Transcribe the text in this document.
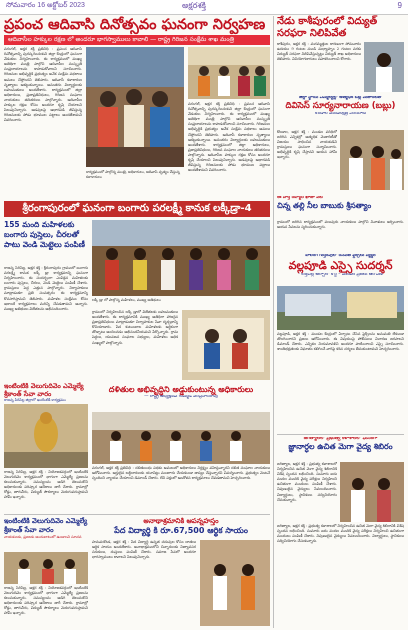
సోమవారం 16 అక్టోబర్ 2023	అక్షరశక్తి	9
ప్రపంచ ఆదివాసి దినోత్సవం ఘనంగా నిర్వహణ
ఆదివాసీల హక్కుల రక్షణ లో అందరూ భాగస్వాములు కావాలి — రాష్ట్ర గిరిజన సంక్షేమ శాఖ మంత్రి
వరంగల్, అక్షర శక్తి ప్రతినిధి : ప్రపంచ ఆదివాసి దినోత్సవాన్ని పురస్కరించుకుని జిల్లా కేంద్రంలో ఘనంగా వేడుకలు నిర్వహించారు. ఈ కార్యక్రమంలో ముఖ్య అతిథిగా మంత్రి పాల్గొని ఆదివాసీల సంస్కృతి సంప్రదాయాలను కాపాడుకోవాలని సూచించారు. గిరిజనుల అభివృద్ధికి ప్రభుత్వం అనేక సంక్షేమ పథకాలు అమలు చేస్తోందని తెలిపారు. ఆదివాసీ కళాకారుల నృత్యాలు ఆకట్టుకున్నాయి. అనంతరం విద్యార్థులకు బహుమతులు అందజేశారు. కార్యక్రమంలో జిల్లా అధికారులు, ప్రజాప్రతినిధులు, గిరిజన సంఘాల నాయకులు తదితరులు పాల్గొన్నారు. ఆదివాసీల హక్కుల రక్షణ కోసం అందరూ కృషి చేయాలని పిలుపునిచ్చారు. అడవులపై ఆధారపడి జీవిస్తున్న గిరిజనులకు పోడు భూముల పట్టాలు అందజేశామని వివరించారు.
వరంగల్, అక్షర శక్తి ప్రతినిధి : ప్రపంచ ఆదివాసి దినోత్సవాన్ని పురస్కరించుకుని జిల్లా కేంద్రంలో ఘనంగా వేడుకలు నిర్వహించారు. ఈ కార్యక్రమంలో ముఖ్య అతిథిగా మంత్రి పాల్గొని ఆదివాసీల సంస్కృతి సంప్రదాయాలను కాపాడుకోవాలని సూచించారు. గిరిజనుల అభివృద్ధికి ప్రభుత్వం అనేక సంక్షేమ పథకాలు అమలు చేస్తోందని తెలిపారు. ఆదివాసీ కళాకారుల నృత్యాలు ఆకట్టుకున్నాయి. అనంతరం విద్యార్థులకు బహుమతులు అందజేశారు. కార్యక్రమంలో జిల్లా అధికారులు, ప్రజాప్రతినిధులు, గిరిజన సంఘాల నాయకులు తదితరులు పాల్గొన్నారు. ఆదివాసీల హక్కుల రక్షణ కోసం అందరూ కృషి చేయాలని పిలుపునిచ్చారు. అడవులపై ఆధారపడి జీవిస్తున్న గిరిజనులకు పోడు భూముల పట్టాలు అందజేశామని వివరించారు.
కార్యక్రమంలో పాల్గొన్న మంత్రి, అధికారులు, ఆదివాసీ నృత్యం చేస్తున్న కళాకారులు
శ్రీరంగాపురంలో ఘనంగా బంగారు పరలక్ష్మీ కానుక లక్కీడ్రా-4
155 మంది మహిళలకు బంగారు పుస్తెలు, చీరలతో పాటు వెండి మెట్టెలు పంపిణీ
రాజన్న సిరిసిల్ల, అక్షర శక్తి : శ్రీరంగాపురం గ్రామంలో బంగారు వరలక్ష్మి కానుక లక్కీ డ్రా కార్యక్రమాన్ని ఘనంగా నిర్వహించారు. ఈ సందర్భంగా ఎంపికైన మహిళలకు బంగారు పుస్తెలు, చీరలు, వెండి మెట్టెలు పంపిణీ చేశారు. గ్రామస్తులు పెద్ద ఎత్తున పాల్గొన్నారు. నిర్వాహకులు మాట్లాడుతూ ప్రతి సంవత్సరం ఈ కార్యక్రమాన్ని కొనసాగిస్తామని తెలిపారు. మహిళల సంక్షేమం కోసం ఇలాంటి కార్యక్రమాలు మరిన్ని చేపడతామని అన్నారు. ముఖ్య అతిథులు విజేతలను అభినందించారు.
లక్కీ డ్రా లో పాల్గొన్న మహిళలు, ముఖ్య అతిథులు
గ్రామంలో నిర్వహించిన లక్కీ డ్రాలో విజేతలకు బహుమతులు అందజేశారు. ఈ కార్యక్రమానికి ముఖ్య అతిథిగా హాజరైన ప్రజాప్రతినిధులు మాట్లాడుతూ నిర్వాహకుల సేవా దృక్పథాన్ని కొనియాడారు. పేద కుటుంబాల మహిళలకు ఆర్థికంగా తోడ్పాటు అందించడం అభినందనీయమని పేర్కొన్నారు. గ్రామ పెద్దలు, యువజన సంఘాల సభ్యులు, మహిళలు అధిక సంఖ్యలో పాల్గొన్నారు.
ఇంటింటికి వెలుగుదివెం ఎమ్మెల్యే శ్రీకాంత్ సేవా వారం
రాజన్న సిరిసిల్ల జిల్లాలో ఇంటింటికి కార్యక్రమం
రాజన్న సిరిసిల్ల, అక్షర శక్తి : నియోజకవర్గంలో ఇంటింటికి వెలుగుదివెం కార్యక్రమంలో భాగంగా ఎమ్మెల్యే ప్రజలను కలుసుకున్నారు. సమస్యలను అడిగి తెలుసుకొని అధికారులకు పరిష్కార ఆదేశాలు జారీ చేశారు. గ్రామాల్లో రోడ్లు, తాగునీరు, విద్యుత్ సౌకర్యాలు మెరుగుపరుస్తామని హామీ ఇచ్చారు.
దళితుల అభివృద్ధిని అడ్డుకుంటున్న అధికారులు
— రాష్ట్ర అధ్యక్షుడు గుమ్మడి వరప్రసాదరావు
వరంగల్, అక్షర శక్తి ప్రతినిధి : దళితబంధు పథకం అమలులో అధికారులు నిర్లక్ష్యం వహిస్తున్నారని దళిత సంఘాల నాయకులు ఆరోపించారు. అర్హులైన లబ్ధిదారులకు యూనిట్లు మంజూరు చేయకుండా జాప్యం చేస్తున్నారని విమర్శించారు. ప్రభుత్వం వెంటనే స్పందించి న్యాయం చేయాలని డిమాండ్ చేశారు. లేని పక్షంలో ఆందోళన కార్యక్రమాలు చేపడతామని హెచ్చరించారు.
ఇంటింటికి వెలుగుదివెం ఎమ్మెల్యే శ్రీకాంత్ సేవా వారం
నాయకులకు, ప్రజలకు అందుబాటులో ఉండాలని సూచన
రాజన్న సిరిసిల్ల, అక్షర శక్తి : నియోజకవర్గంలో ఇంటింటికి వెలుగుదివెం కార్యక్రమంలో భాగంగా ఎమ్మెల్యే ప్రజలను కలుసుకున్నారు. సమస్యలను అడిగి తెలుసుకొని అధికారులకు పరిష్కార ఆదేశాలు జారీ చేశారు. గ్రామాల్లో రోడ్లు, తాగునీరు, విద్యుత్ సౌకర్యాలు మెరుగుపరుస్తామని హామీ ఇచ్చారు.
అనాథాశ్రమానికి ఆపన్నహస్తం
పేద విద్యార్థి కి రూ.67,500 ఆర్థిక సాయం
హనుమకొండ, అక్షర శక్తి : పేద విద్యార్థి ఉన్నత చదువుల కోసం దాతలు ఆర్థిక సాయం అందజేశారు. అనాథాశ్రమంలోని చిన్నారులకు నిత్యావసర సరుకులు, దుస్తులు పంపిణీ చేశారు. సమాజ సేవలో అందరూ భాగస్వాములు కావాలని పిలుపునిచ్చారు.
నేడు కాశీపురంలో విద్యుత్ సరఫరా నిలిపివేత
కాశీపురం, అక్షర శక్తి : మరమ్మత్తుల కారణంగా సోమవారం ఉదయం 9 గంటల నుండి మధ్యాహ్నం 2 గంటల వరకు విద్యుత్ సరఫరా నిలిపివేస్తున్నట్లు విద్యుత్ శాఖ అధికారులు తెలిపారు. వినియోగదారులు సహకరించాలని కోరారు.
జిల్లా స్థాయి ఎమ్మెల్యేల్లో అత్యధిక ఓట్ల మెజారిటీతో
దివిసెస్ సూర్యనారాయణ (బబ్లు)
కొండాల మండలిక్షేత్ర ఏరియాకు
కొండాల, అక్షర శక్తి : మండల పరిధిలో జరిగిన ఎన్నికల్లో అత్యధిక మెజారిటీతో విజయం సాధించిన నాయకుడిని గ్రామస్తులు ఘనంగా సన్మానించారు. అభివృద్ధికి కృషి చేస్తానని ఆయన హామీ ఇచ్చారు.
ఈ వార్త రిపోర్టర్ ఖాజా పేట
చిన్న తల్లి నీల బాబుకు శ్రీసత్యాం
గ్రామంలో జరిగిన కార్యక్రమంలో పలువురు నాయకులు పాల్గొని నివాళులు అర్పించారు. ఆయన సేవలను స్మరించుకున్నారు.
పోలింగ్ గుర్తింపులో రసవత్ ఫ్లెక్సీలు వ్యర్థం
వల్లపూడి ఎస్సై సుదర్శన్
- కొత్తపల్లి ఆర్చాలో కోర్ట్ – మండల ప్రజలు ఆరోపణ
వల్లపూడి, అక్షర శక్తి : మండల కేంద్రంలో ఏర్పాటు చేసిన ఫ్లెక్సీలను అనుమతి లేకుండా తొలగించారని ప్రజలు ఆరోపించారు. ఈ విషయంపై పోలీసులు విచారణ జరపాలని డిమాండ్ చేశారు. ఎన్నికల నియమావళిని అందరూ పాటించాలని ఎస్సై సూచించారు. శాంతిభద్రతలకు విఘాతం కలిగించే వారిపై కఠిన చర్యలు తీసుకుంటామని హెచ్చరించారు.
జగిత్యాలలో ప్రభుత్వ కళాశాలలో ఘనంగా
జ్ఞానార్ధల ఉచిత మెగా వైద్య శిబిరం
జగిత్యాల, అక్షర శక్తి : ప్రభుత్వ కళాశాలలో నిర్వహించిన ఉచిత మెగా వైద్య శిబిరానికి విశేష స్పందన లభించింది. సుమారు ఐదు వందల మందికి వైద్య పరీక్షలు నిర్వహించి ఉచితంగా మందులు పంపిణీ చేశారు. నిపుణులైన వైద్యులు సేవలందించారు. విద్యార్థులు, స్థానికులు సద్వినియోగం చేసుకున్నారు.
జగిత్యాల, అక్షర శక్తి : ప్రభుత్వ కళాశాలలో నిర్వహించిన ఉచిత మెగా వైద్య శిబిరానికి విశేష స్పందన లభించింది. సుమారు ఐదు వందల మందికి వైద్య పరీక్షలు నిర్వహించి ఉచితంగా మందులు పంపిణీ చేశారు. నిపుణులైన వైద్యులు సేవలందించారు. విద్యార్థులు, స్థానికులు సద్వినియోగం చేసుకున్నారు.
